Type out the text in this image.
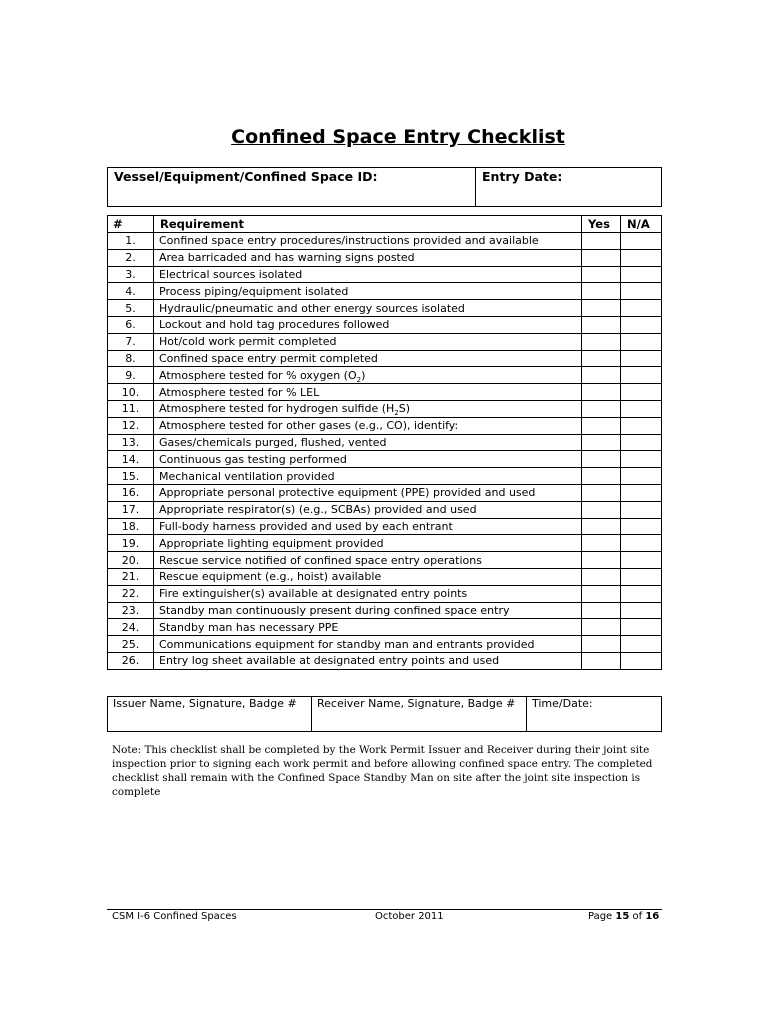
Confined Space Entry Checklist
Vessel/Equipment/Confined Space ID:	Entry Date:
#	Requirement	Yes	N/A
1.	Confined space entry procedures/instructions provided and available		
2.	Area barricaded and has warning signs posted		
3.	Electrical sources isolated		
4.	Process piping/equipment isolated		
5.	Hydraulic/pneumatic and other energy sources isolated		
6.	Lockout and hold tag procedures followed		
7.	Hot/cold work permit completed		
8.	Confined space entry permit completed		
9.	Atmosphere tested for % oxygen $(O_2)$		
10.	Atmosphere tested for % LEL		
11.	Atmosphere tested for hydrogen sulfide $(H_2S)$		
12.	Atmosphere tested for other gases (e.g., CO), identify:		
13.	Gases/chemicals purged, flushed, vented		
14.	Continuous gas testing performed		
15.	Mechanical ventilation provided		
16.	Appropriate personal protective equipment (PPE) provided and used		
17.	Appropriate respirator(s) (e.g., SCBAs) provided and used		
18.	Full-body harness provided and used by each entrant		
19.	Appropriate lighting equipment provided		
20.	Rescue service notified of confined space entry operations		
21.	Rescue equipment (e.g., hoist) available		
22.	Fire extinguisher(s) available at designated entry points		
23.	Standby man continuously present during confined space entry		
24.	Standby man has necessary PPE		
25.	Communications equipment for standby man and entrants provided		
26.	Entry log sheet available at designated entry points and used		
Issuer Name, Signature, Badge #	Receiver Name, Signature, Badge #	Time/Date:
Note: This checklist shall be completed by the Work Permit Issuer and Receiver during their joint site inspection prior to signing each work permit and before allowing confined space entry. The completed checklist shall remain with the Confined Space Standby Man on site after the joint site inspection is complete
CSM I-6 Confined Spaces	October 2011	Page 15 of 16
